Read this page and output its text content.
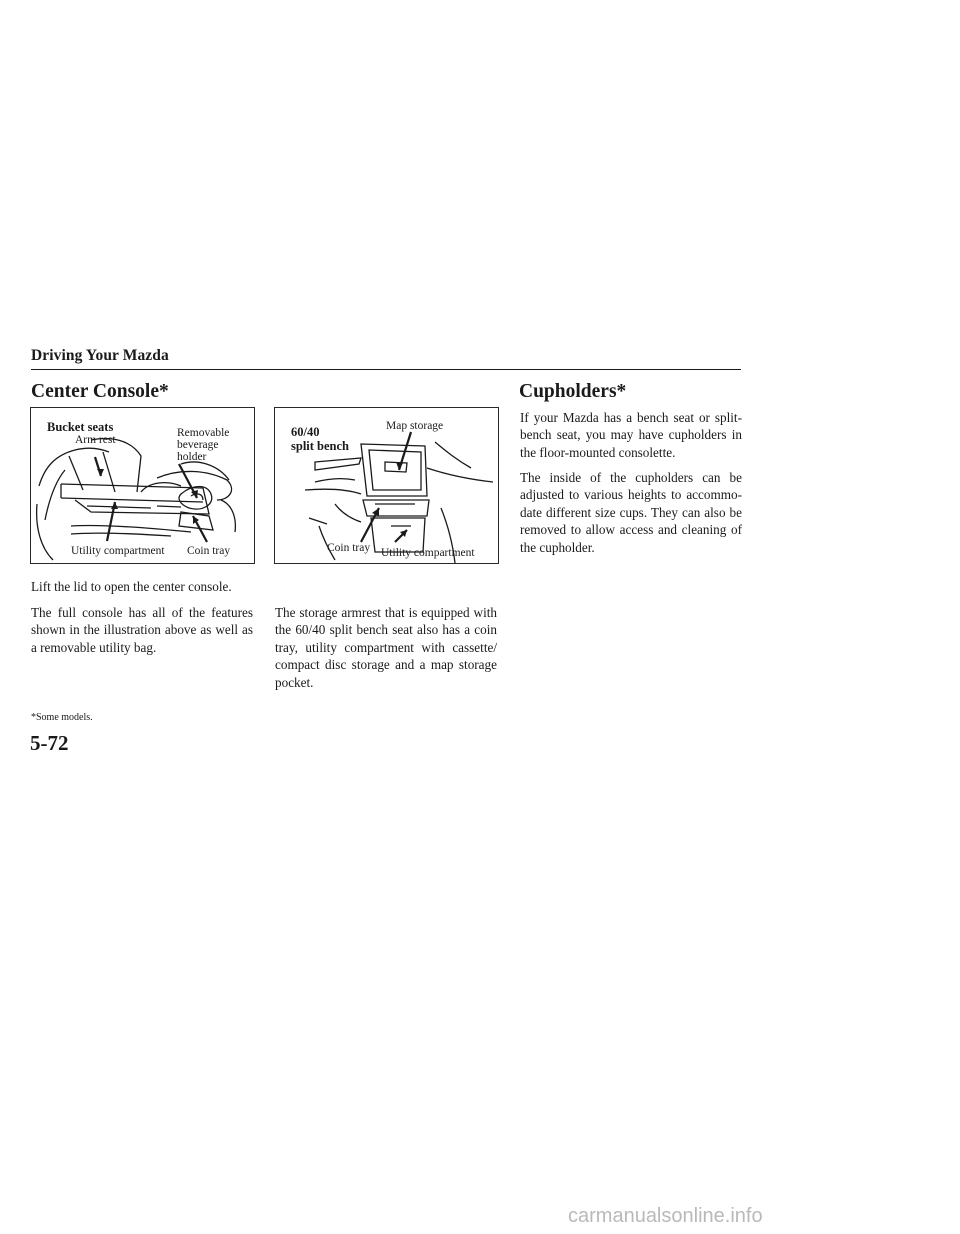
Driving Your Mazda
Center Console*
Bucket seats
Arm rest
Removable
beverage
holder
Utility compartment Coin tray

Lift the lid to open the center console.

The full console has all of the features shown in the illustration above as well as a removable utility bag.

60/40
split bench
Map storage
Coin tray Utility compartment

The storage armrest that is equipped with the 60/40 split bench seat also has a coin tray, utility compartment with cassette/ compact disc storage and a map storage pocket.

Cupholders*

If your Mazda has a bench seat or split-bench seat, you may have cupholders in the floor-mounted consolette.

The inside of the cupholders can be adjusted to various heights to accommo-date different size cups. They can also be removed to allow access and cleaning of the cupholder.

*Some models.
5-72
carmanualsonline.info
